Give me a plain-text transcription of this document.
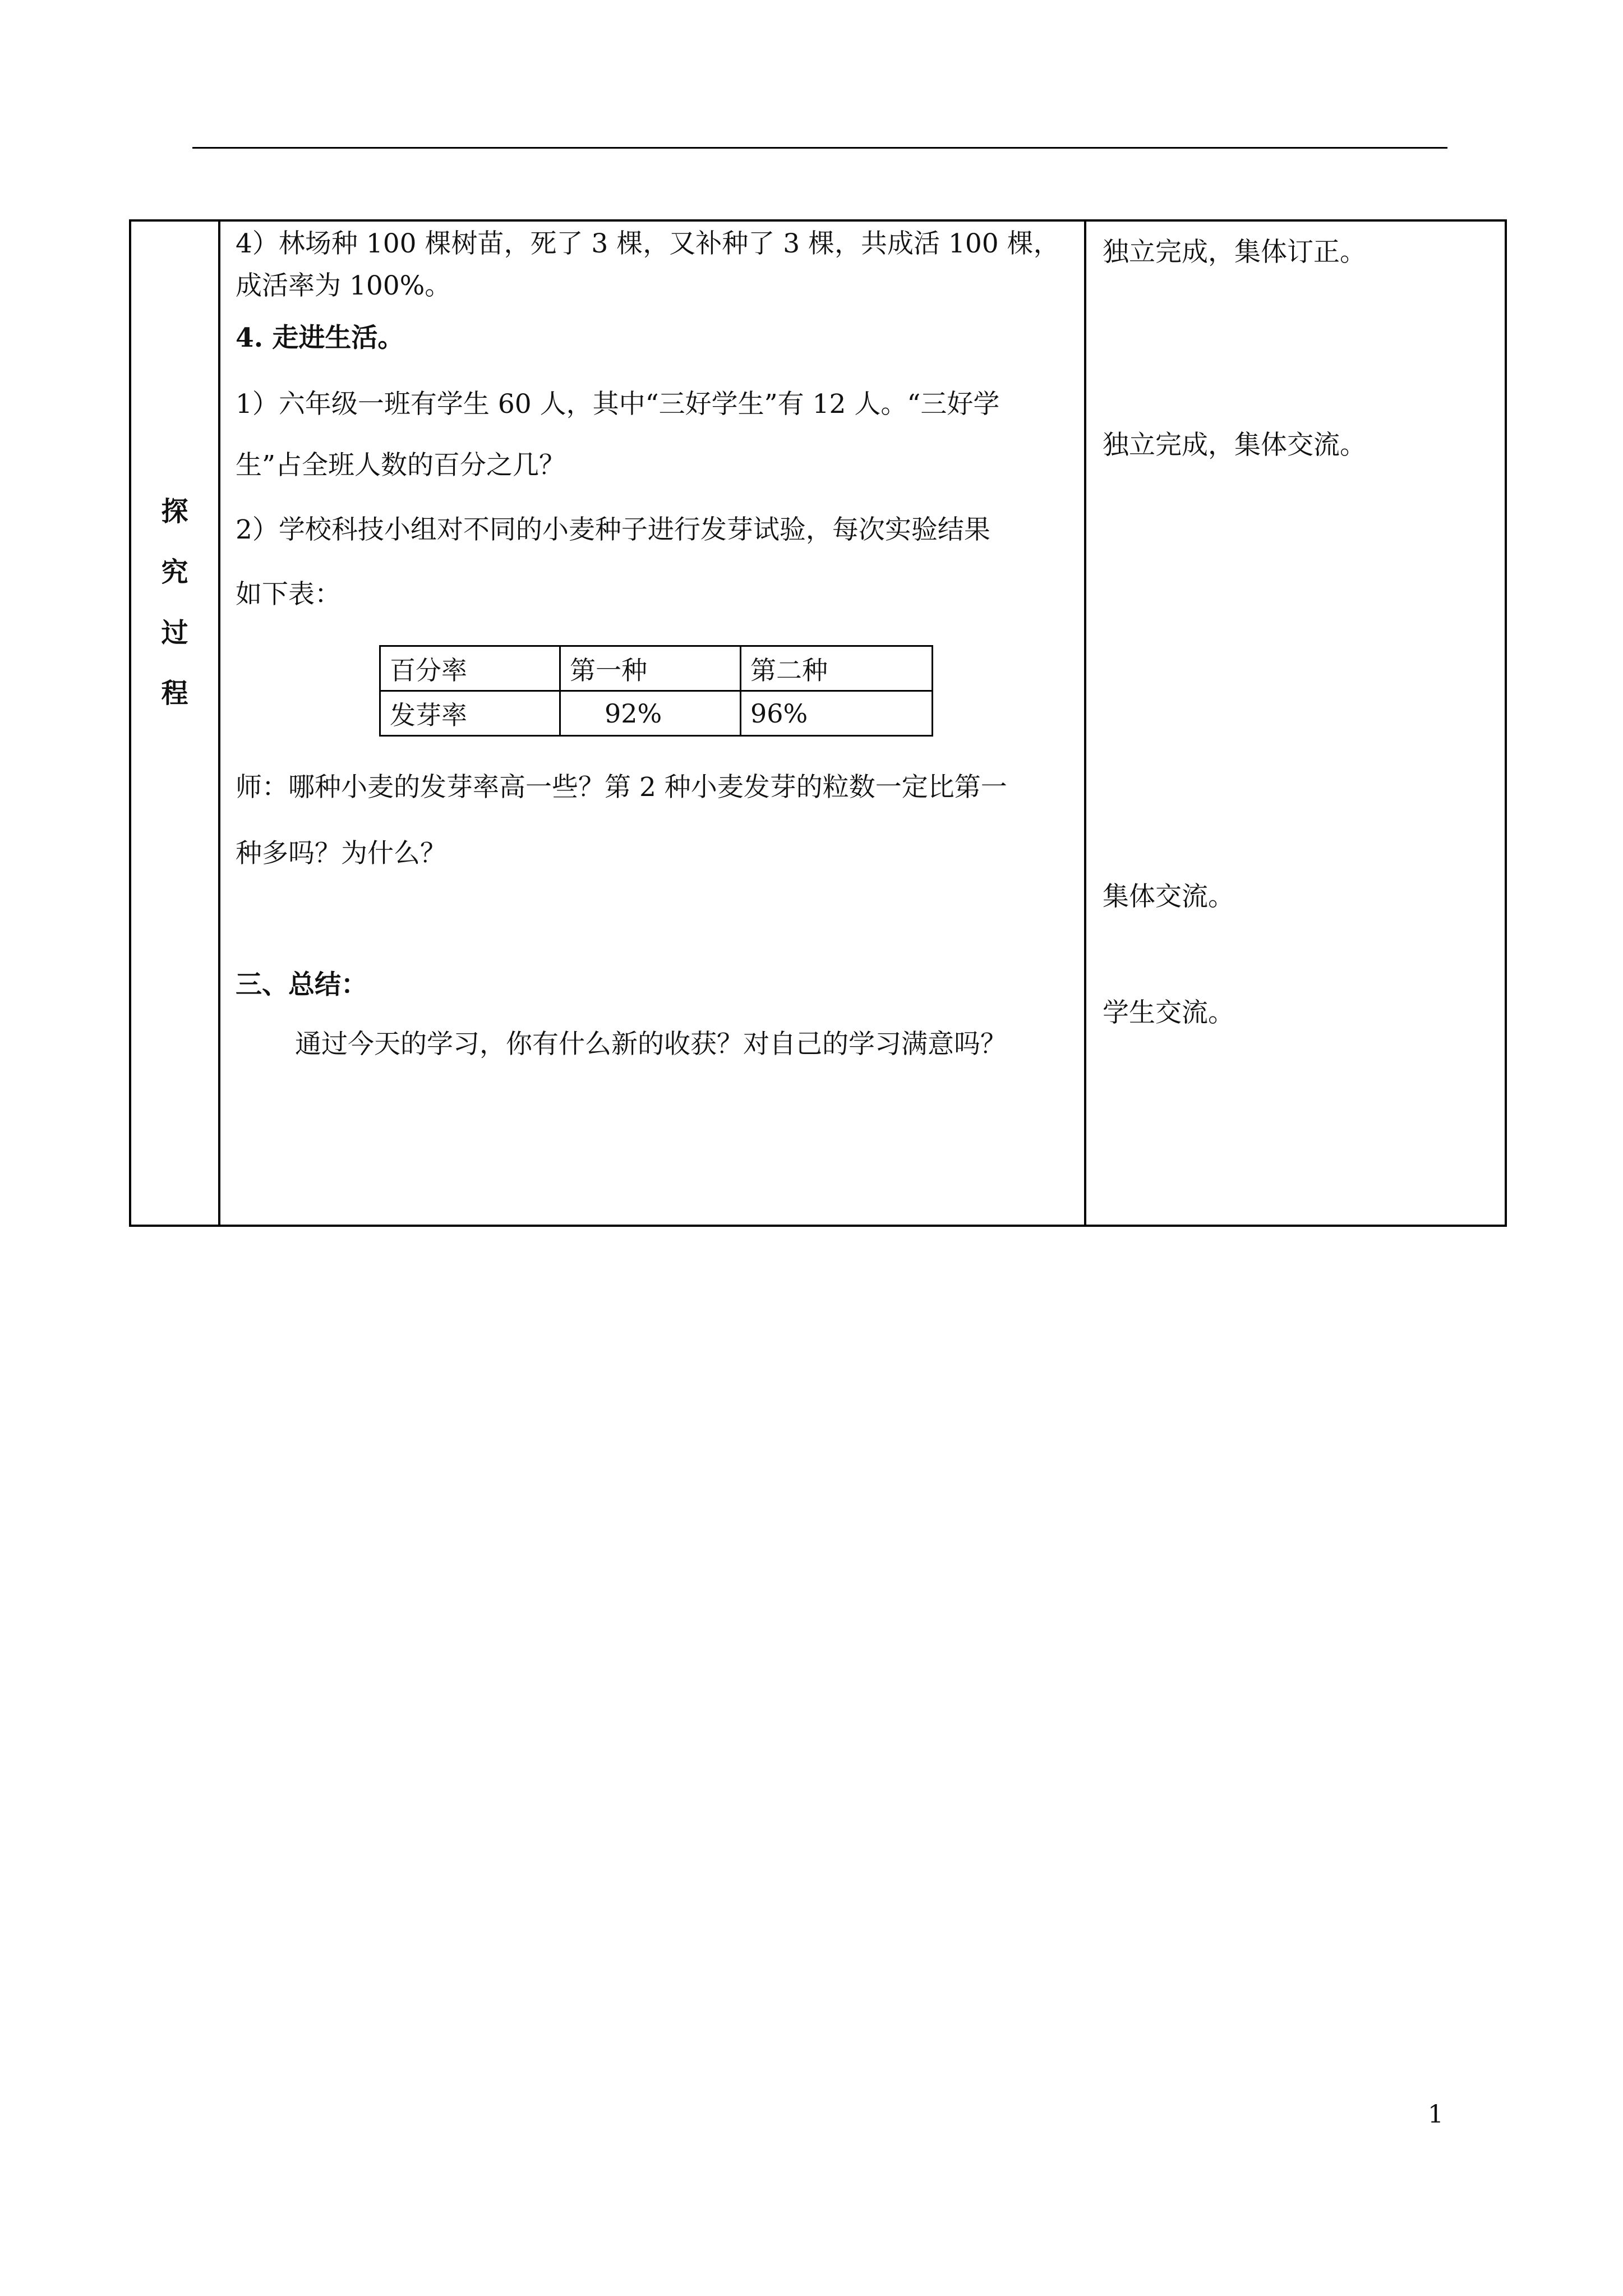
探
究
过
程
4）林场种 100 棵树苗，死了 3 棵，又补种了 3 棵，共成活 100 棵，
成活率为 100%。
4. 走进生活。
1）六年级一班有学生 60 人，其中“三好学生”有 12 人。“三好学
生”占全班人数的百分之几？
2）学校科技小组对不同的小麦种子进行发芽试验，每次实验结果
如下表：
百分率	第一种	第二种
发芽率	92%	96%
师：哪种小麦的发芽率高一些？第 2 种小麦发芽的粒数一定比第一
种多吗？为什么？
三、总结：
通过今天的学习，你有什么新的收获？对自己的学习满意吗？
独立完成，集体订正。
独立完成，集体交流。
集体交流。
学生交流。
1
